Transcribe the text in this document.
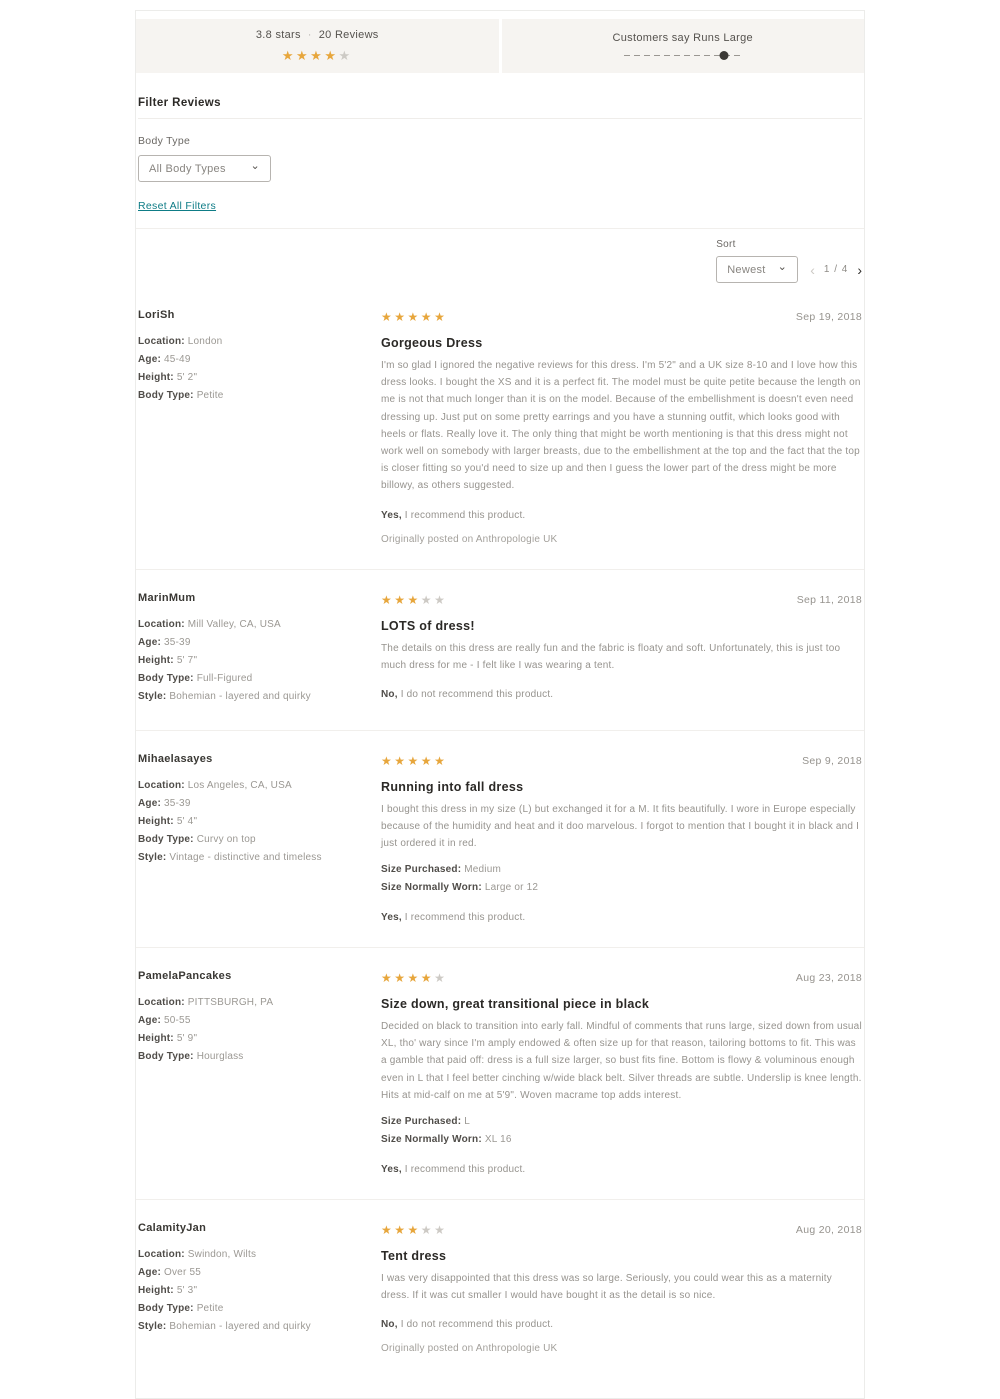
3.8 stars · 20 Reviews
★★★★★
Customers say Runs Large
Filter Reviews
Body Type
All Body Types ⌄
Reset All Filters
Sort
Newest ⌄ ‹ 1 / 4 ›
LoriSh
Location: London
Age: 45-49
Height: 5' 2"
Body Type: Petite
★★★★★	Sep 19, 2018
Gorgeous Dress

I'm so glad I ignored the negative reviews for this dress. I'm 5'2" and a UK size 8-10 and I love how this dress looks. I bought the XS and it is a perfect fit. The model must be quite petite because the length on me is not that much longer than it is on the model. Because of the embellishment is doesn't even need dressing up. Just put on some pretty earrings and you have a stunning outfit, which looks good with heels or flats. Really love it. The only thing that might be worth mentioning is that this dress might not work well on somebody with larger breasts, due to the embellishment at the top and the fact that the top is closer fitting so you'd need to size up and then I guess the lower part of the dress might be more billowy, as others suggested.

Yes, I recommend this product.
Originally posted on Anthropologie UK
MarinMum
Location: Mill Valley, CA, USA
Age: 35-39
Height: 5' 7"
Body Type: Full-Figured
Style: Bohemian - layered and quirky
★★★★★	Sep 11, 2018
LOTS of dress!

The details on this dress are really fun and the fabric is floaty and soft. Unfortunately, this is just too much dress for me - I felt like I was wearing a tent.

No, I do not recommend this product.
Mihaelasayes
Location: Los Angeles, CA, USA
Age: 35-39
Height: 5' 4"
Body Type: Curvy on top
Style: Vintage - distinctive and timeless
★★★★★	Sep 9, 2018
Running into fall dress

I bought this dress in my size (L) but exchanged it for a M. It fits beautifully. I wore in Europe especially because of the humidity and heat and it doo marvelous. I forgot to mention that I bought it in black and I just ordered it in red.

Size Purchased: Medium
Size Normally Worn: Large or 12
Yes, I recommend this product.
PamelaPancakes
Location: PITTSBURGH, PA
Age: 50-55
Height: 5' 9"
Body Type: Hourglass
★★★★★	Aug 23, 2018
Size down, great transitional piece in black

Decided on black to transition into early fall. Mindful of comments that runs large, sized down from usual XL, tho' wary since I'm amply endowed & often size up for that reason, tailoring bottoms to fit. This was a gamble that paid off: dress is a full size larger, so bust fits fine. Bottom is flowy & voluminous enough even in L that I feel better cinching w/wide black belt. Silver threads are subtle. Underslip is knee length. Hits at mid-calf on me at 5'9". Woven macrame top adds interest.

Size Purchased: L
Size Normally Worn: XL 16
Yes, I recommend this product.
CalamityJan
Location: Swindon, Wilts
Age: Over 55
Height: 5' 3"
Body Type: Petite
Style: Bohemian - layered and quirky
★★★★★	Aug 20, 2018
Tent dress

I was very disappointed that this dress was so large. Seriously, you could wear this as a maternity dress. If it was cut smaller I would have bought it as the detail is so nice.

No, I do not recommend this product.
Originally posted on Anthropologie UK
